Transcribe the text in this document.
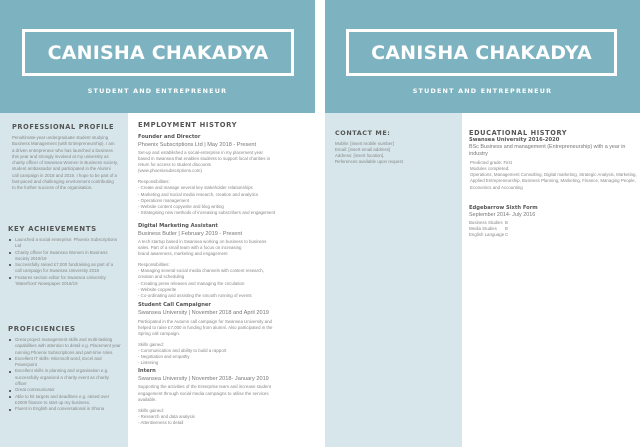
CANISHA CHAKADYA
STUDENT AND ENTREPRENEUR
PROFESSIONAL PROFILE
Penultimate-year undergraduate student studying Business Management (with Entrepreneurship). I am a driven entrepreneur who has launched a business this year and strongly involved at my university as charity officer of Swansea Women in Business society, student ambassador and participated in the Alumni call campaign in 2018 and 2019. I hope to be part of a fast-paced and challenging environment contributing to the further success of the organisation.
KEY ACHIEVEMENTS
Launched a social enterprise: Phoenix Subscriptions Ltd
Charity officer for Swansea Women in Business Society 2018/19
Successfully raised £7,000 fundraising as part of a call campaign for Swansea University 2018
Features section editor for Swansea University 'Waterfront' Newspaper 2018/19
PROFICIENCIES
Great project management skills and multi-tasking capabilities with attention to detail e.g. Placement year running Phoenix Subscriptions and part-time roles.
Excellent IT skills- Microsoft word, Excel and Powerpoint
Excellent skills in planning and organisation e.g. successfully organised a charity event as charity officer
Great communicator
Able to hit targets and deadlines e.g. raised over £2000 finance to start up my business.
Fluent in English and conversational in Shona
EMPLOYMENT HISTORY
Founder and Director
Phoenix Subscriptions Ltd | May 2018 - Present
Set-up and established a social-enterprise in my placement year
based in Swansea that enables students to support local charities in
return for access to student discounts
(www.phoenixsubscriptions.com)
Responsibilities:
- Create and manage several key stakeholder relationships
- Marketing and Social media research, creation and analytics
- Operations management
- Website content copywrite and blog writing
- Strategising new methods of increasing subscribers and engagement
Digital Marketing Assistant
Business Butler | February 2019 - Present
A tech startup based in Swansea working on business to business
sales. Part of a small team with a focus on increasing
brand awareness, marketing and engagement
Responsibilities:
- Managing several social media channels with content research,
creation and scheduling
- Creating press releases and managing the circulation
- Website copywrite
- Co-ordinating and assisting the smooth running of events
Student Call Campaigner
Swansea University | November 2018 and April 2019
Participated in the Autumn call campaign for Swansea University and
helped to raise £7,000 in funding from alumni. Also participated in the
Spring call campaign.
Skills gained:
- Communication and ability to build a rapport
- Negotiation and empathy
- Listening
Intern
Swansea University | November 2018- January 2019
Supporting the activities of the Enterprise team and increase student
engagement through social media campaigns to utilise the services
available.
Skills gained:
- Research and data analysis
- Attentiveness to detail
CANISHA CHAKADYA
STUDENT AND ENTREPRENEUR
CONTACT ME:
Mobile: [insert mobile number]
Email: [insert email address]
Address: [insert location].
References available upon request
EDUCATIONAL HISTORY
Swansea University 2016-2020
BSc Business and management (Entrepreneurship) with a year in industry
Predicted grade: First
Modules completed:
Operations, Management Consulting, Digital marketing, Strategic Analysis, Marketing, Applied Entrepreneurship, Business Planning, Marketing, Finance, Managing People, Economics and Accounting
Edgebarrow Sixth Form
September 2014- July 2016
Business Studies B
Media Studies	B
English Language C
